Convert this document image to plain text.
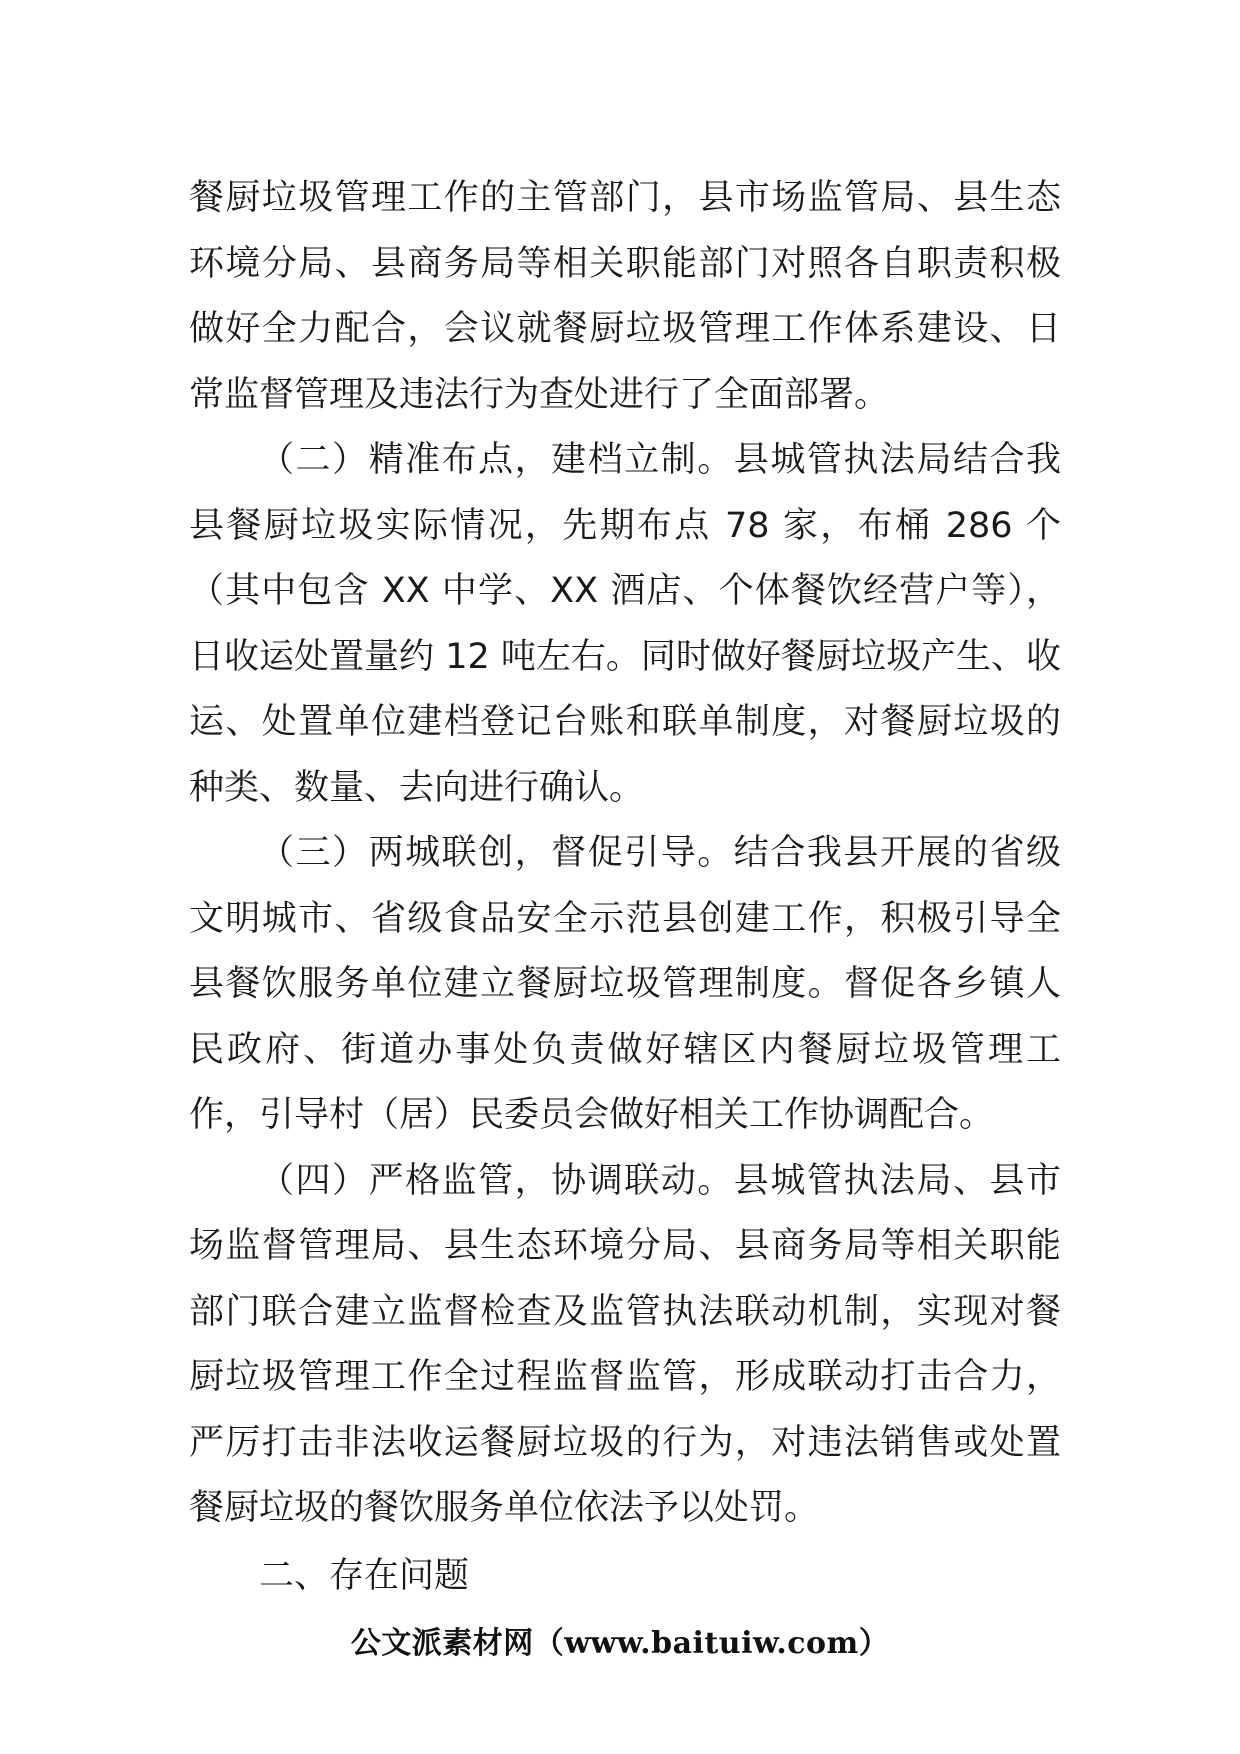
餐厨垃圾管理工作的主管部门，县市场监管局、县生态环境分局、县商务局等相关职能部门对照各自职责积极做好全力配合，会议就餐厨垃圾管理工作体系建设、日常监督管理及违法行为查处进行了全面部署。

（二）精准布点，建档立制。县城管执法局结合我县餐厨垃圾实际情况，先期布点 78 家，布桶 286 个（其中包含 XX 中学、XX 酒店、个体餐饮经营户等），日收运处置量约 12 吨左右。同时做好餐厨垃圾产生、收运、处置单位建档登记台账和联单制度，对餐厨垃圾的种类、数量、去向进行确认。

（三）两城联创，督促引导。结合我县开展的省级文明城市、省级食品安全示范县创建工作，积极引导全县餐饮服务单位建立餐厨垃圾管理制度。督促各乡镇人民政府、街道办事处负责做好辖区内餐厨垃圾管理工作，引导村（居）民委员会做好相关工作协调配合。

（四）严格监管，协调联动。县城管执法局、县市场监督管理局、县生态环境分局、县商务局等相关职能部门联合建立监督检查及监管执法联动机制，实现对餐厨垃圾管理工作全过程监督监管，形成联动打击合力，严厉打击非法收运餐厨垃圾的行为，对违法销售或处置餐厨垃圾的餐饮服务单位依法予以处罚。

二、存在问题

公文派素材网（www.baituiw.com）
